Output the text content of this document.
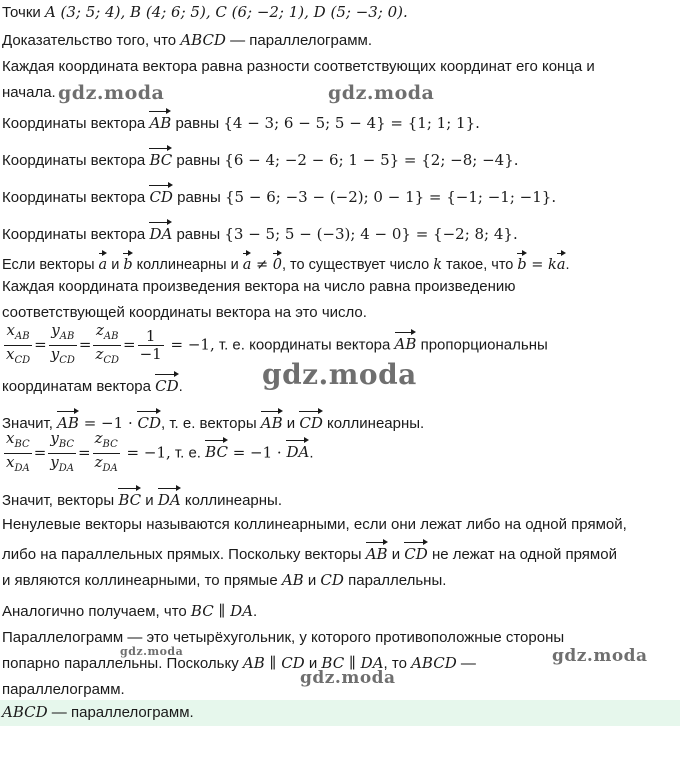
Точки A (3; 5; 4), B (4; 6; 5), C (6; −2; 1), D (5; −3; 0).
Доказательство того, что ABCD — параллелограмм.
Каждая координата вектора равна разности соответствующих координат его конца и
начала.
Координаты вектора AB равны {4 − 3; 6 − 5; 5 − 4} = {1; 1; 1}.
Координаты вектора BC равны {6 − 4; −2 − 6; 1 − 5} = {2; −8; −4}.
Координаты вектора CD равны {5 − 6; −3 − (−2); 0 − 1} = {−1; −1; −1}.
Координаты вектора DA равны {3 − 5; 5 − (−3); 4 − 0} = {−2; 8; 4}.
Если векторы a и b коллинеарны и a ≠ 0, то существует число k такое, что b = ka.
Каждая координата произведения вектора на число равна произведению
соответствующей координаты вектора на это число.
$\frac{x_{AB}}{x_{CD}} = \frac{y_{AB}}{y_{CD}} = \frac{z_{AB}}{z_{CD}} = \frac{1}{-1} = -1$, т. е. координаты вектора AB пропорциональны
координатам вектора CD.
Значит, AB = −1 · CD, т. е. векторы AB и CD коллинеарны.
$\frac{x_{BC}}{x_{DA}} = \frac{y_{BC}}{y_{DA}} = \frac{z_{BC}}{z_{DA}} = -1$, т. е. BC = −1 · DA.
Значит, векторы BC и DA коллинеарны.
Ненулевые векторы называются коллинеарными, если они лежат либо на одной прямой,
либо на параллельных прямых. Поскольку векторы AB и CD не лежат на одной прямой
и являются коллинеарными, то прямые AB и CD параллельны.
Аналогично получаем, что BC ∥ DA.
Параллелограмм — это четырёхугольник, у которого противоположные стороны
попарно параллельны. Поскольку AB ∥ CD и BC ∥ DA, то ABCD —
параллелограмм.
ABCD — параллелограмм.
gdz.moda	gdz.moda
gdz.moda
gdz.moda	gdz.moda
gdz.moda
